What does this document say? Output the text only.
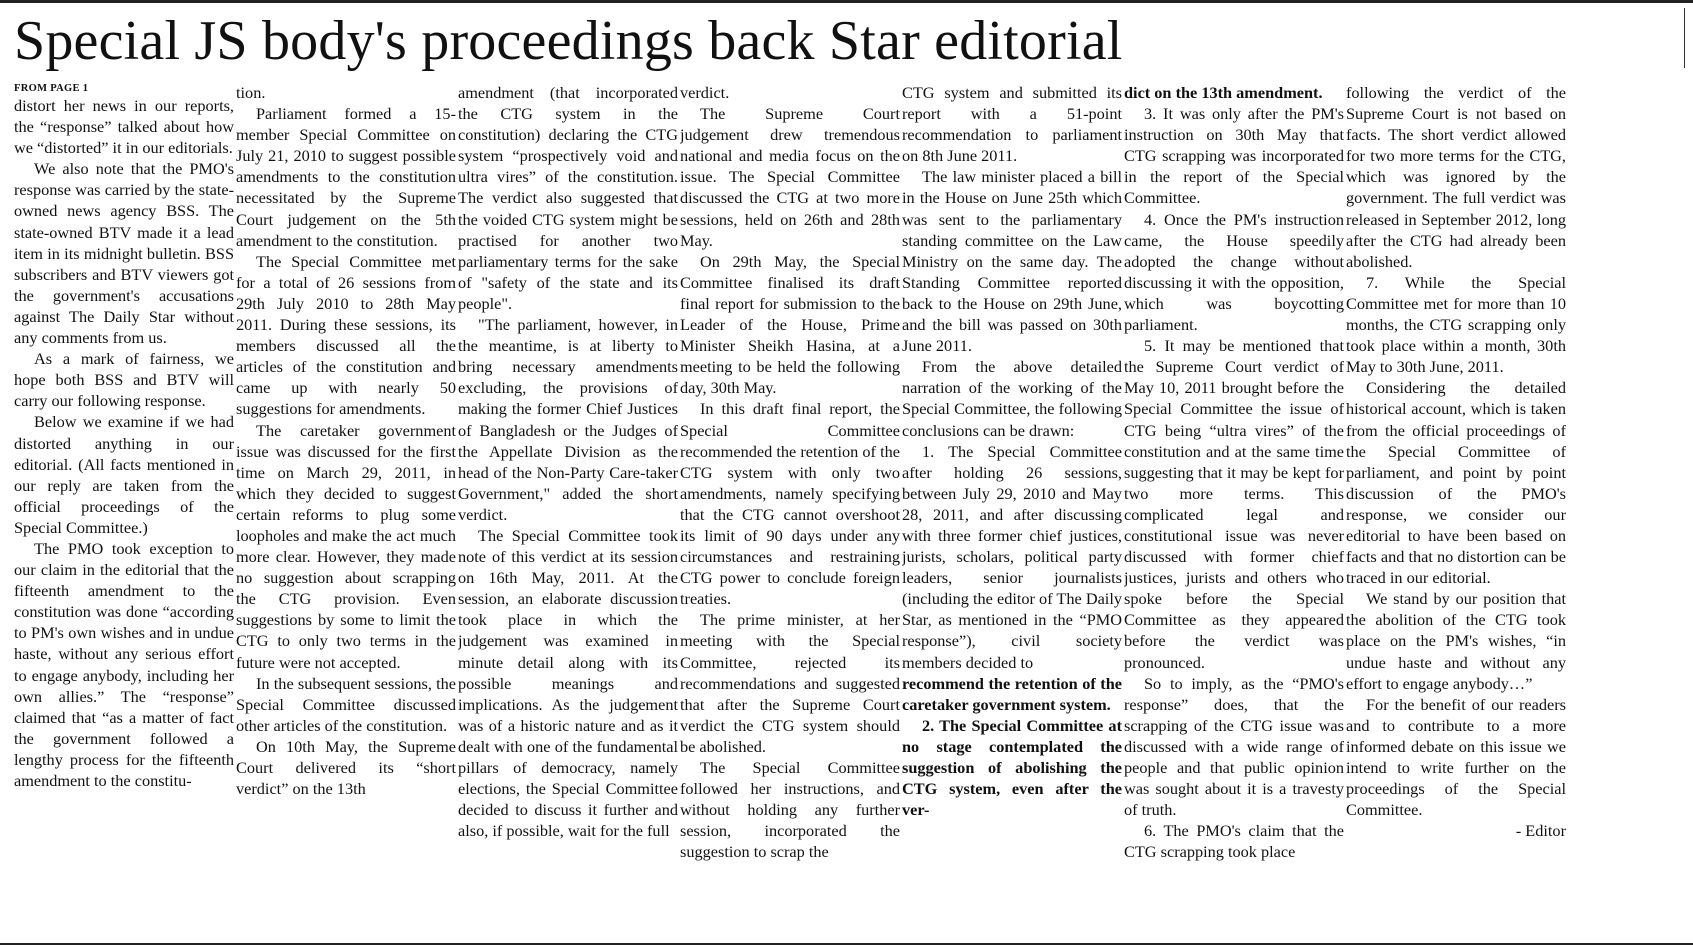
Special JS body's proceedings back Star editorial
FROM PAGE 1

distort her news in our reports, the “response” talked about how we “distorted” it in our editorials.

We also note that the PMO's response was carried by the state-owned news agency BSS. The state-owned BTV made it a lead item in its midnight bulletin. BSS subscribers and BTV viewers got the government's accusations against The Daily Star without any comments from us.

As a mark of fairness, we hope both BSS and BTV will carry our following response.

Below we examine if we had distorted anything in our editorial. (All facts mentioned in our reply are taken from the official proceedings of the Special Committee.)

The PMO took exception to our claim in the editorial that the fifteenth amendment to the constitution was done “according to PM's own wishes and in undue haste, without any serious effort to engage anybody, including her own allies.” The “response” claimed that “as a matter of fact the government followed a lengthy process for the fifteenth amendment to the constitu-

tion.

Parliament formed a 15-member Special Committee on July 21, 2010 to suggest possible amendments to the constitution necessitated by the Supreme Court judgement on the 5th amendment to the constitution.

The Special Committee met for a total of 26 sessions from 29th July 2010 to 28th May 2011. During these sessions, its members discussed all the articles of the constitution and came up with nearly 50 suggestions for amendments.

The caretaker government issue was discussed for the first time on March 29, 2011, in which they decided to suggest certain reforms to plug some loopholes and make the act much more clear. However, they made no suggestion about scrapping the CTG provision. Even suggestions by some to limit the CTG to only two terms in the future were not accepted.

In the subsequent sessions, the Special Committee discussed other articles of the constitution.

On 10th May, the Supreme Court delivered its “short verdict” on the 13th

amendment (that incorporated the CTG system in the constitution) declaring the CTG system “prospectively void and ultra vires” of the constitution. The verdict also suggested that the voided CTG system might be practised for another two parliamentary terms for the sake of "safety of the state and its people".

"The parliament, however, in the meantime, is at liberty to bring necessary amendments excluding, the provisions of making the former Chief Justices of Bangladesh or the Judges of the Appellate Division as the head of the Non-Party Care-taker Government," added the short verdict.

The Special Committee took note of this verdict at its session on 16th May, 2011. At the session, an elaborate discussion took place in which the judgement was examined in minute detail along with its possible meanings and implications. As the judgement was of a historic nature and as it dealt with one of the fundamental pillars of democracy, namely elections, the Special Committee decided to discuss it further and also, if possible, wait for the full

verdict.

The Supreme Court judgement drew tremendous national and media focus on the issue. The Special Committee discussed the CTG at two more sessions, held on 26th and 28th May.

On 29th May, the Special Committee finalised its draft final report for submission to the Leader of the House, Prime Minister Sheikh Hasina, at a meeting to be held the following day, 30th May.

In this draft final report, the Special Committee recommended the retention of the CTG system with only two amendments, namely specifying that the CTG cannot overshoot its limit of 90 days under any circumstances and restraining CTG power to conclude foreign treaties.

The prime minister, at her meeting with the Special Committee, rejected its recommendations and suggested that after the Supreme Court verdict the CTG system should be abolished.

The Special Committee followed her instructions, and without holding any further session, incorporated the suggestion to scrap the

CTG system and submitted its report with a 51-point recommendation to parliament on 8th June 2011.

The law minister placed a bill in the House on June 25th which was sent to the parliamentary standing committee on the Law Ministry on the same day. The Standing Committee reported back to the House on 29th June, and the bill was passed on 30th June 2011.

From the above detailed narration of the working of the Special Committee, the following conclusions can be drawn:

1. The Special Committee after holding 26 sessions, between July 29, 2010 and May 28, 2011, and after discussing with three former chief justices, jurists, scholars, political party leaders, senior journalists (including the editor of The Daily Star, as mentioned in the “PMO response”), civil society members decided to

recommend the retention of the caretaker government system.

2. The Special Committee at no stage contemplated the suggestion of abolishing the CTG system, even after the ver-

dict on the 13th amendment.

3. It was only after the PM's instruction on 30th May that CTG scrapping was incorporated in the report of the Special Committee.

4. Once the PM's instruction came, the House speedily adopted the change without discussing it with the opposition, which was boycotting parliament.

5. It may be mentioned that the Supreme Court verdict of May 10, 2011 brought before the Special Committee the issue of CTG being “ultra vires” of the constitution and at the same time suggesting that it may be kept for two more terms. This complicated legal and constitutional issue was never discussed with former chief justices, jurists and others who spoke before the Special Committee as they appeared before the verdict was pronounced.

So to imply, as the “PMO's response” does, that the scrapping of the CTG issue was discussed with a wide range of people and that public opinion was sought about it is a travesty of truth.

6. The PMO's claim that the CTG scrapping took place

following the verdict of the Supreme Court is not based on facts. The short verdict allowed for two more terms for the CTG, which was ignored by the government. The full verdict was released in September 2012, long after the CTG had already been abolished.

7. While the Special Committee met for more than 10 months, the CTG scrapping only took place within a month, 30th May to 30th June, 2011.

Considering the detailed historical account, which is taken from the official proceedings of the Special Committee of parliament, and point by point discussion of the PMO's response, we consider our editorial to have been based on facts and that no distortion can be traced in our editorial.

We stand by our position that the abolition of the CTG took place on the PM's wishes, “in undue haste and without any effort to engage anybody…”

For the benefit of our readers and to contribute to a more informed debate on this issue we intend to write further on the proceedings of the Special Committee.

- Editor
